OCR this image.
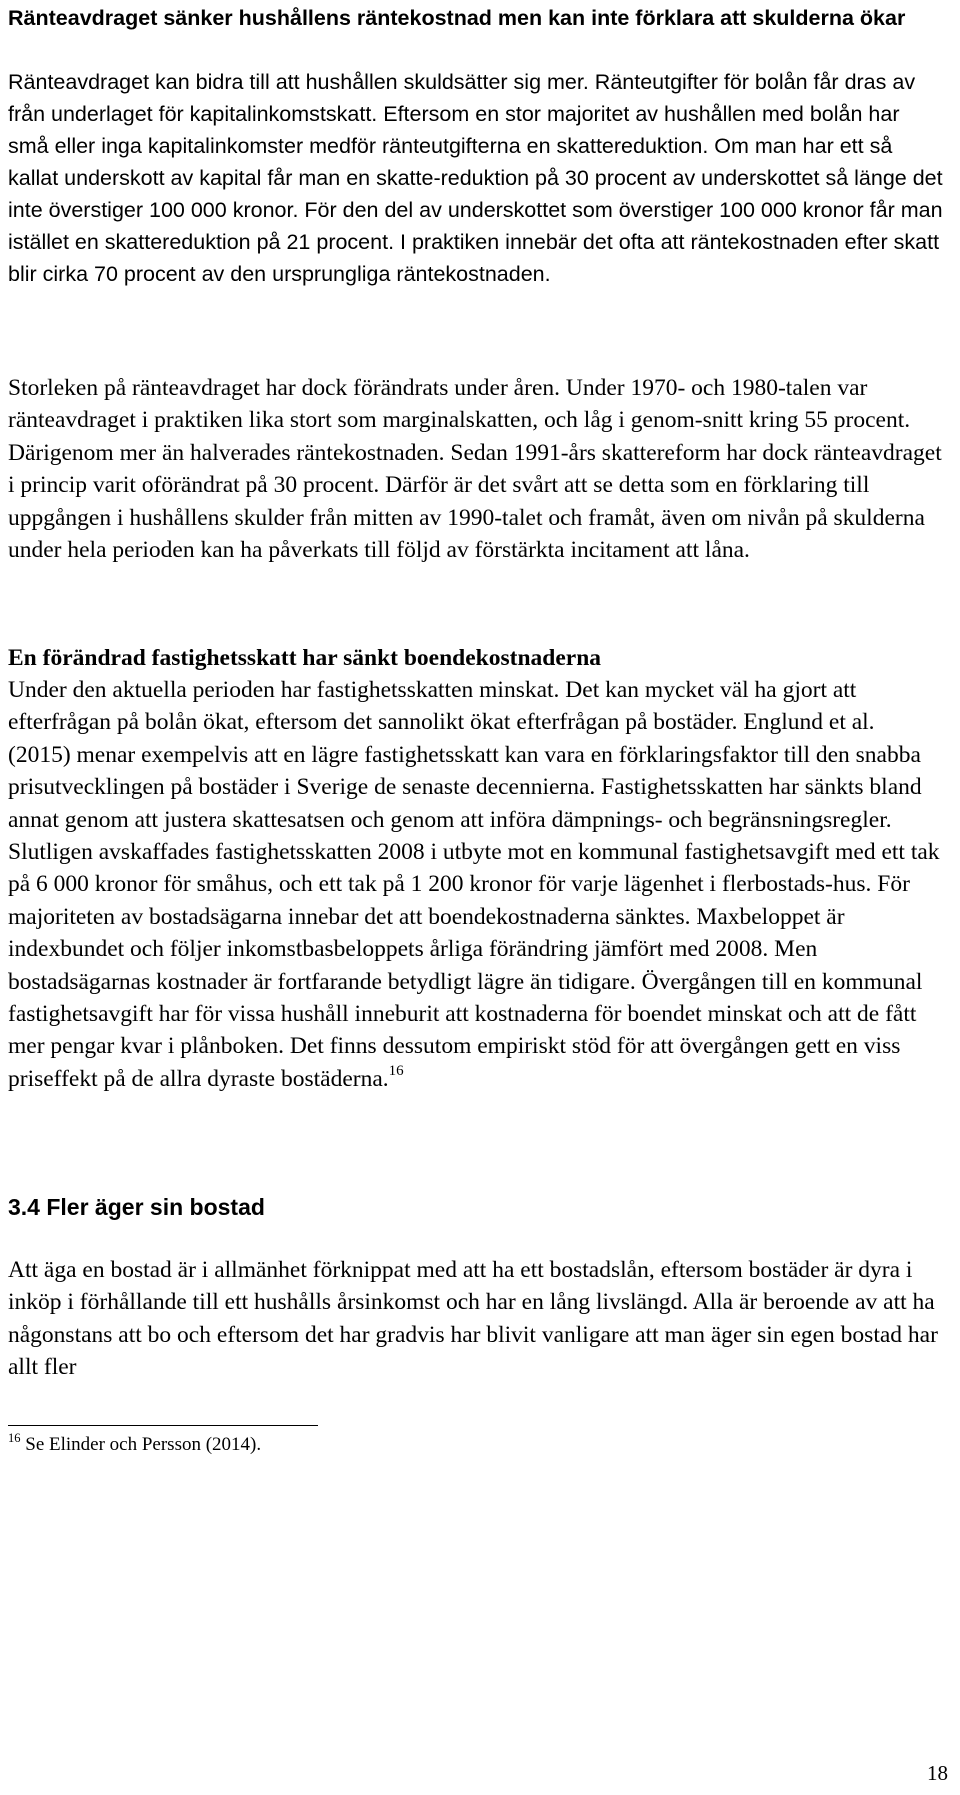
Ränteavdraget sänker hushållens räntekostnad men kan inte förklara att skulderna ökar
Ränteavdraget kan bidra till att hushållen skuldsätter sig mer. Ränteutgifter för bolån får dras av från underlaget för kapitalinkomstskatt. Eftersom en stor majoritet av hushållen med bolån har små eller inga kapitalinkomster medför ränteutgifterna en skattereduktion. Om man har ett så kallat underskott av kapital får man en skatte-reduktion på 30 procent av underskottet så länge det inte överstiger 100 000 kronor. För den del av underskottet som överstiger 100 000 kronor får man istället en skattereduktion på 21 procent. I praktiken innebär det ofta att räntekostnaden efter skatt blir cirka 70 procent av den ursprungliga räntekostnaden.
Storleken på ränteavdraget har dock förändrats under åren. Under 1970- och 1980-talen var ränteavdraget i praktiken lika stort som marginalskatten, och låg i genom-snitt kring 55 procent. Därigenom mer än halverades räntekostnaden. Sedan 1991-års skattereform har dock ränteavdraget i princip varit oförändrat på 30 procent. Därför är det svårt att se detta som en förklaring till uppgången i hushållens skulder från mitten av 1990-talet och framåt, även om nivån på skulderna under hela perioden kan ha påverkats till följd av förstärkta incitament att låna.
En förändrad fastighetsskatt har sänkt boendekostnaderna
Under den aktuella perioden har fastighetsskatten minskat. Det kan mycket väl ha gjort att efterfrågan på bolån ökat, eftersom det sannolikt ökat efterfrågan på bostäder. Englund et al. (2015) menar exempelvis att en lägre fastighetsskatt kan vara en förklaringsfaktor till den snabba prisutvecklingen på bostäder i Sverige de senaste decennierna. Fastighetsskatten har sänkts bland annat genom att justera skattesatsen och genom att införa dämpnings- och begränsningsregler. Slutligen avskaffades fastighetsskatten 2008 i utbyte mot en kommunal fastighetsavgift med ett tak på 6 000 kronor för småhus, och ett tak på 1 200 kronor för varje lägenhet i flerbostads-hus. För majoriteten av bostadsägarna innebar det att boendekostnaderna sänktes. Maxbeloppet är indexbundet och följer inkomstbasbeloppets årliga förändring jämfört med 2008. Men bostadsägarnas kostnader är fortfarande betydligt lägre än tidigare. Övergången till en kommunal fastighetsavgift har för vissa hushåll inneburit att kostnaderna för boendet minskat och att de fått mer pengar kvar i plånboken. Det finns dessutom empiriskt stöd för att övergången gett en viss priseffekt på de allra dyraste bostäderna.$^{16}$
3.4 Fler äger sin bostad
Att äga en bostad är i allmänhet förknippat med att ha ett bostadslån, eftersom bostäder är dyra i inköp i förhållande till ett hushålls årsinkomst och har en lång livslängd. Alla är beroende av att ha någonstans att bo och eftersom det har gradvis har blivit vanligare att man äger sin egen bostad har allt fler
$^{16}$ Se Elinder och Persson (2014).
18
